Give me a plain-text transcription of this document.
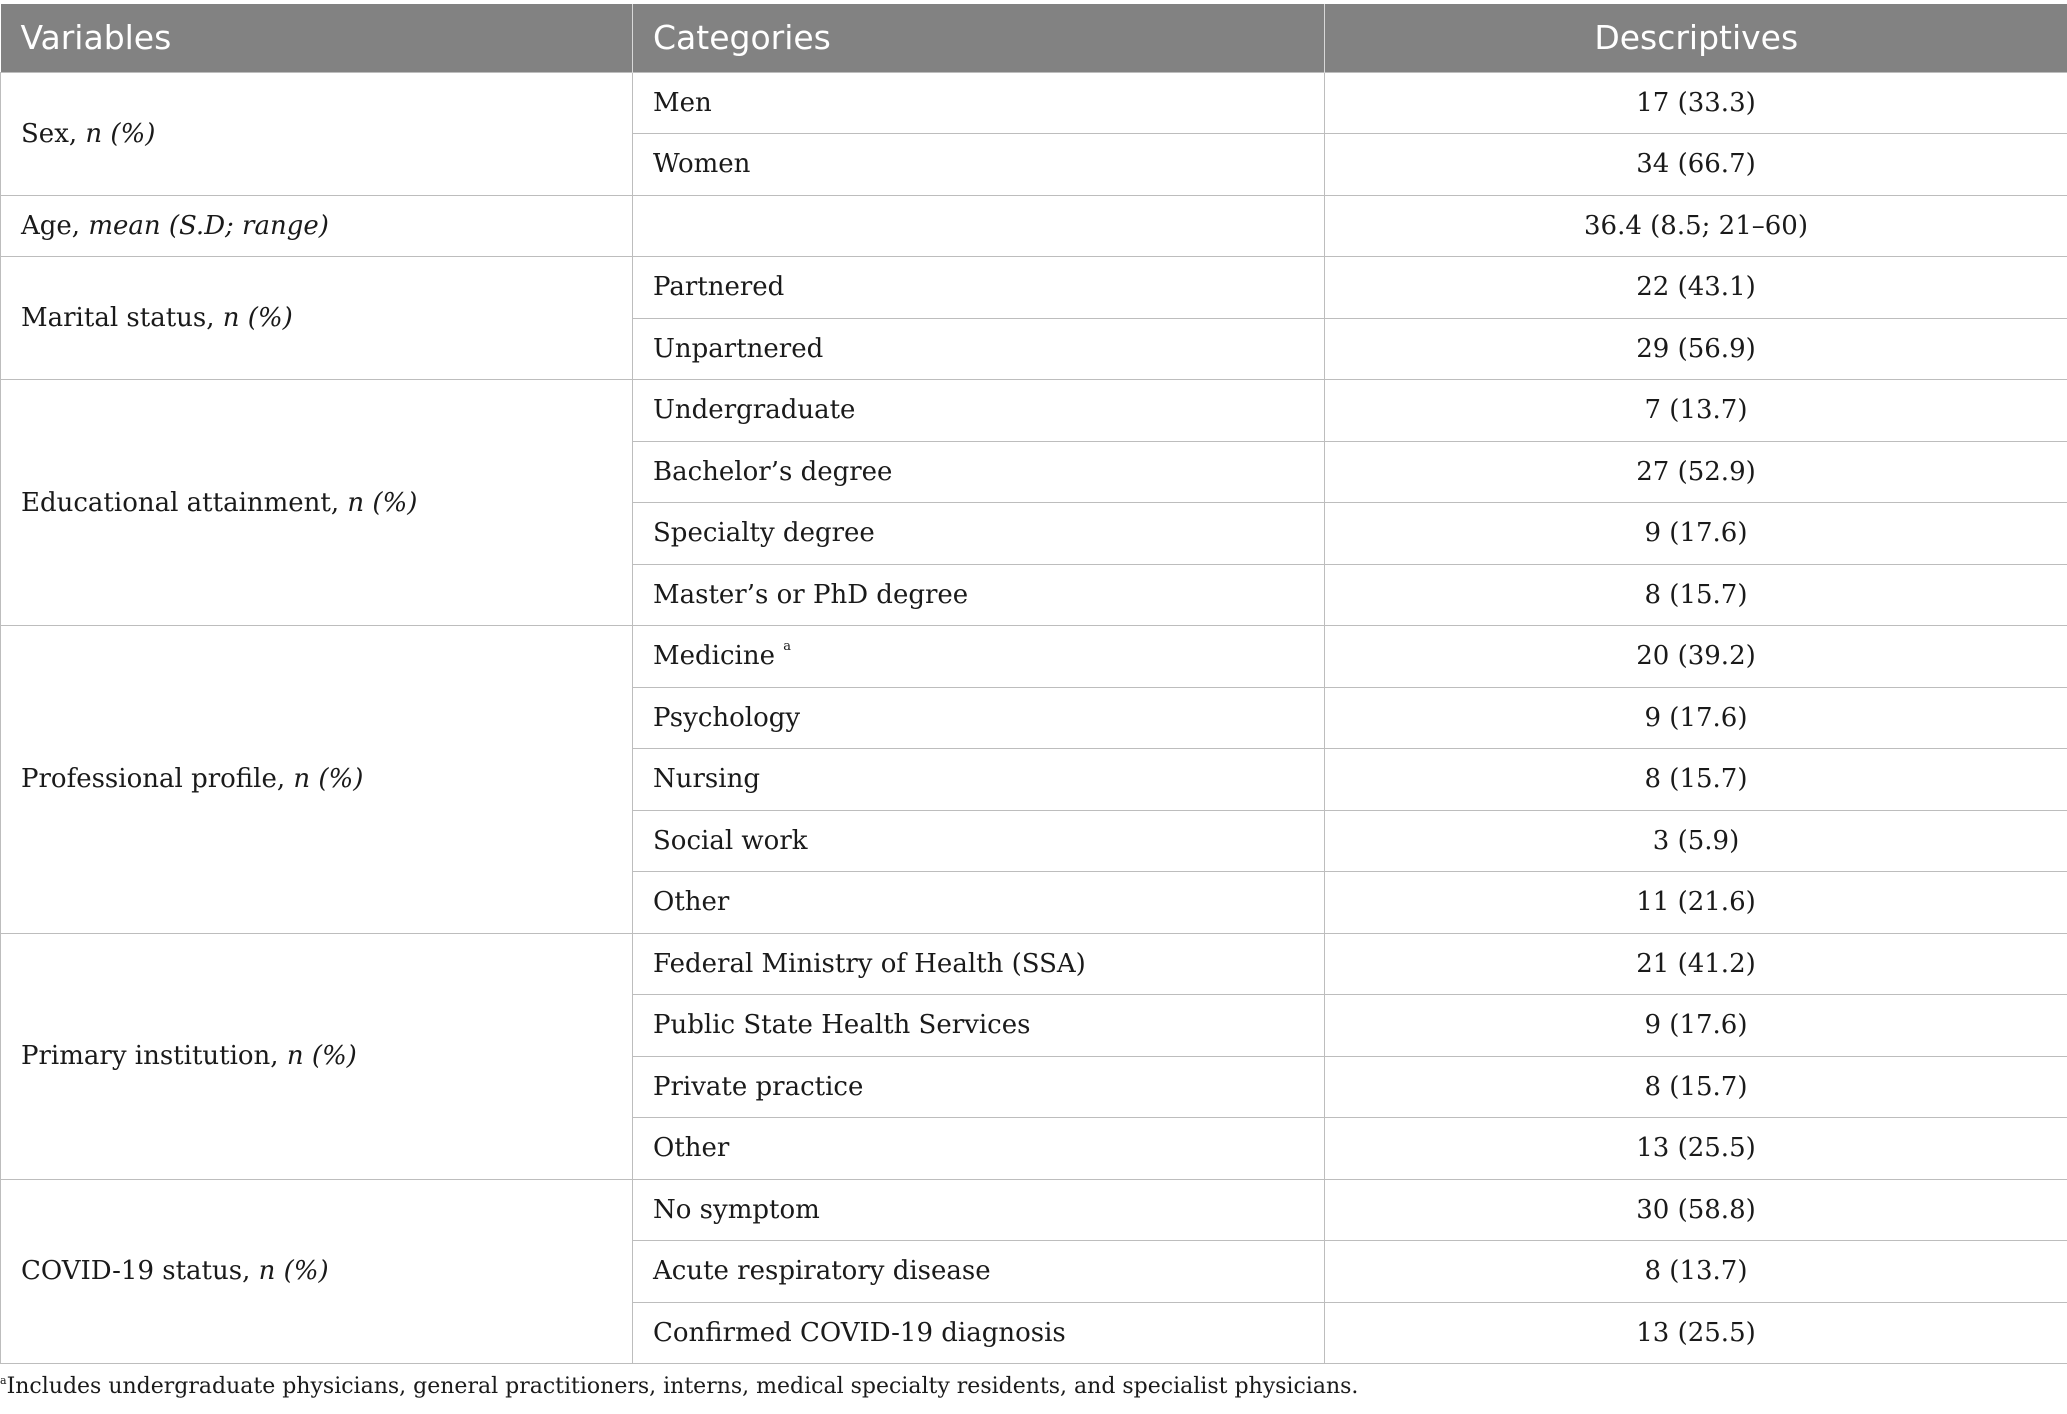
Variables	Categories	Descriptives
Sex, n (%)	Men	17 (33.3)
	Women	34 (66.7)
Age, mean (S.D; range)		36.4 (8.5; 21–60)
Marital status, n (%)	Partnered	22 (43.1)
	Unpartnered	29 (56.9)
Educational attainment, n (%)	Undergraduate	7 (13.7)
	Bachelor’s degree	27 (52.9)
	Specialty degree	9 (17.6)
	Master’s or PhD degree	8 (15.7)
Professional profile, n (%)	Medicine $^a$	20 (39.2)
	Psychology	9 (17.6)
	Nursing	8 (15.7)
	Social work	3 (5.9)
	Other	11 (21.6)
Primary institution, n (%)	Federal Ministry of Health (SSA)	21 (41.2)
	Public State Health Services	9 (17.6)
	Private practice	8 (15.7)
	Other	13 (25.5)
COVID-19 status, n (%)	No symptom	30 (58.8)
	Acute respiratory disease	8 (13.7)
	Confirmed COVID-19 diagnosis	13 (25.5)
$^a$Includes undergraduate physicians, general practitioners, interns, medical specialty residents, and specialist physicians.
